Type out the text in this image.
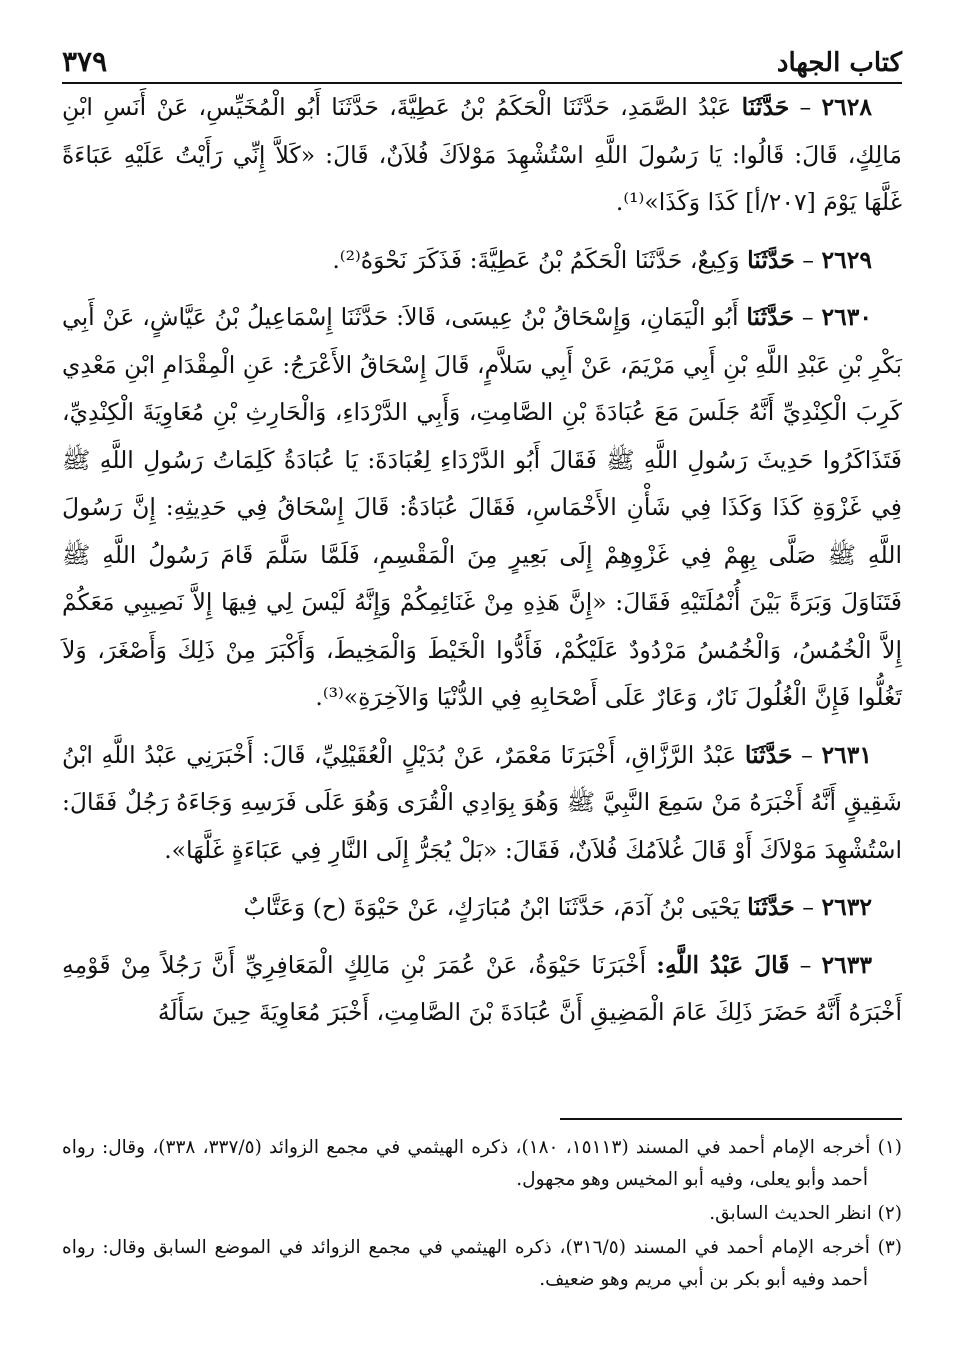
٣٧٩	كتاب الجهاد

٢٦٢٨ – حَدَّثَنَا عَبْدُ الصَّمَدِ، حَدَّثَنَا الْحَكَمُ بْنُ عَطِيَّةَ، حَدَّثَنَا أَبُو الْمُخَيِّسِ، عَنْ أَنَسِ ابْنِ مَالِكٍ، قَالَ: قَالُوا: يَا رَسُولَ اللَّهِ اسْتُشْهِدَ مَوْلاَكَ فُلاَنٌ، قَالَ: «كَلاَّ إِنِّي رَأَيْتُ عَلَيْهِ عَبَاءَةً غَلَّهَا يَوْمَ [٢٠٧/أ] كَذَا وَكَذَا»⁽¹⁾.

٢٦٢٩ – حَدَّثَنَا وَكِيعٌ، حَدَّثَنَا الْحَكَمُ بْنُ عَطِيَّةَ: فَذَكَرَ نَحْوَهُ⁽²⁾.

٢٦٣٠ – حَدَّثَنَا أَبُو الْيَمَانِ، وَإِسْحَاقُ بْنُ عِيسَى، قَالاَ: حَدَّثَنَا إِسْمَاعِيلُ بْنُ عَيَّاشٍ، عَنْ أَبِي بَكْرِ بْنِ عَبْدِ اللَّهِ بْنِ أَبِي مَرْيَمَ، عَنْ أَبِي سَلاَّمٍ، قَالَ إِسْحَاقُ الأَعْرَجُ: عَنِ الْمِقْدَامِ ابْنِ مَعْدِي كَرِبَ الْكِنْدِيِّ أَنَّهُ جَلَسَ مَعَ عُبَادَةَ بْنِ الصَّامِتِ، وَأَبِي الدَّرْدَاءِ، وَالْحَارِثِ بْنِ مُعَاوِيَةَ الْكِنْدِيِّ، فَتَذَاكَرُوا حَدِيثَ رَسُولِ اللَّهِ ﷺ فَقَالَ أَبُو الدَّرْدَاءِ لِعُبَادَةَ: يَا عُبَادَةُ كَلِمَاتُ رَسُولِ اللَّهِ ﷺ فِي غَزْوَةِ كَذَا وَكَذَا فِي شَأْنِ الأَخْمَاسِ، فَقَالَ عُبَادَةُ: قَالَ إِسْحَاقُ فِي حَدِيثِهِ: إِنَّ رَسُولَ اللَّهِ ﷺ صَلَّى بِهِمْ فِي غَزْوِهِمْ إِلَى بَعِيرٍ مِنَ الْمَقْسِمِ، فَلَمَّا سَلَّمَ قَامَ رَسُولُ اللَّهِ ﷺ فَتَنَاوَلَ وَبَرَةً بَيْنَ أُنْمُلَتَيْهِ فَقَالَ: «إِنَّ هَذِهِ مِنْ غَنَائِمِكُمْ وَإِنَّهُ لَيْسَ لِي فِيهَا إِلاَّ نَصِيبِي مَعَكُمْ إِلاَّ الْخُمُسُ، وَالْخُمُسُ مَرْدُودٌ عَلَيْكُمْ، فَأَدُّوا الْخَيْطَ وَالْمَخِيطَ، وَأَكْبَرَ مِنْ ذَلِكَ وَأَصْغَرَ، وَلاَ تَغُلُّوا فَإِنَّ الْغُلُولَ نَارٌ، وَعَارٌ عَلَى أَصْحَابِهِ فِي الدُّنْيَا وَالآخِرَةِ»⁽³⁾.

٢٦٣١ – حَدَّثَنَا عَبْدُ الرَّزَّاقِ، أَخْبَرَنَا مَعْمَرٌ، عَنْ بُدَيْلٍ الْعُقَيْلِيِّ، قَالَ: أَخْبَرَنِي عَبْدُ اللَّهِ ابْنُ شَقِيقٍ أَنَّهُ أَخْبَرَهُ مَنْ سَمِعَ النَّبِيَّ ﷺ وَهُوَ بِوَادِي الْقُرَى وَهُوَ عَلَى فَرَسِهِ وَجَاءَهُ رَجُلٌ فَقَالَ: اسْتُشْهِدَ مَوْلاَكَ أَوْ قَالَ غُلاَمُكَ فُلاَنٌ، فَقَالَ: «بَلْ يُجَرُّ إِلَى النَّارِ فِي عَبَاءَةٍ غَلَّهَا».

٢٦٣٢ – حَدَّثَنَا يَحْيَى بْنُ آدَمَ، حَدَّثَنَا ابْنُ مُبَارَكٍ، عَنْ حَيْوَةَ (ح) وَعَتَّابٌ

٢٦٣٣ – قَالَ عَبْدُ اللَّهِ: أَخْبَرَنَا حَيْوَةُ، عَنْ عُمَرَ بْنِ مَالِكٍ الْمَعَافِرِيِّ أَنَّ رَجُلاً مِنْ قَوْمِهِ أَخْبَرَهُ أَنَّهُ حَضَرَ ذَلِكَ عَامَ الْمَضِيقِ أَنَّ عُبَادَةَ بْنَ الصَّامِتِ، أَخْبَرَ مُعَاوِيَةَ حِينَ سَأَلَهُ

(١) أخرجه الإمام أحمد في المسند (١٥١١٣، ١٨٠)، ذكره الهيثمي في مجمع الزوائد (٣٣٧/٥، ٣٣٨)، وقال: رواه أحمد وأبو يعلى، وفيه أبو المخيس وهو مجهول.

(٢) انظر الحديث السابق.

(٣) أخرجه الإمام أحمد في المسند (٣١٦/٥)، ذكره الهيثمي في مجمع الزوائد في الموضع السابق وقال: رواه أحمد وفيه أبو بكر بن أبي مريم وهو ضعيف.
